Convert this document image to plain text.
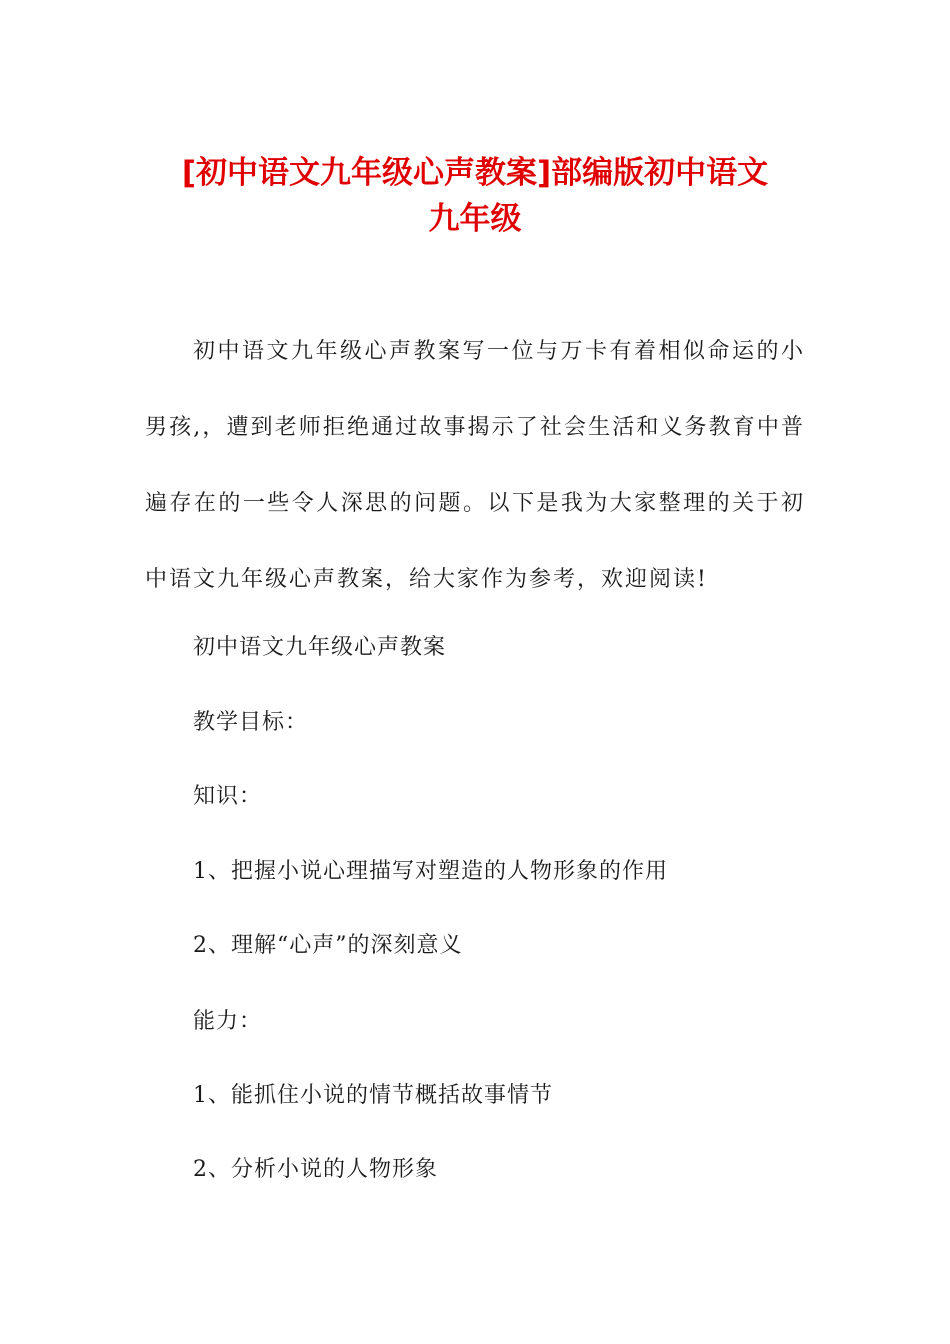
[初中语文九年级心声教案]部编版初中语文
九年级
初中语文九年级心声教案写一位与万卡有着相似命运的小男孩,，遭到老师拒绝通过故事揭示了社会生活和义务教育中普遍存在的一些令人深思的问题。以下是我为大家整理的关于初中语文九年级心声教案，给大家作为参考，欢迎阅读!
初中语文九年级心声教案
教学目标：
知识：
1、把握小说心理描写对塑造的人物形象的作用
2、理解“心声”的深刻意义
能力：
1、能抓住小说的情节概括故事情节
2、分析小说的人物形象
